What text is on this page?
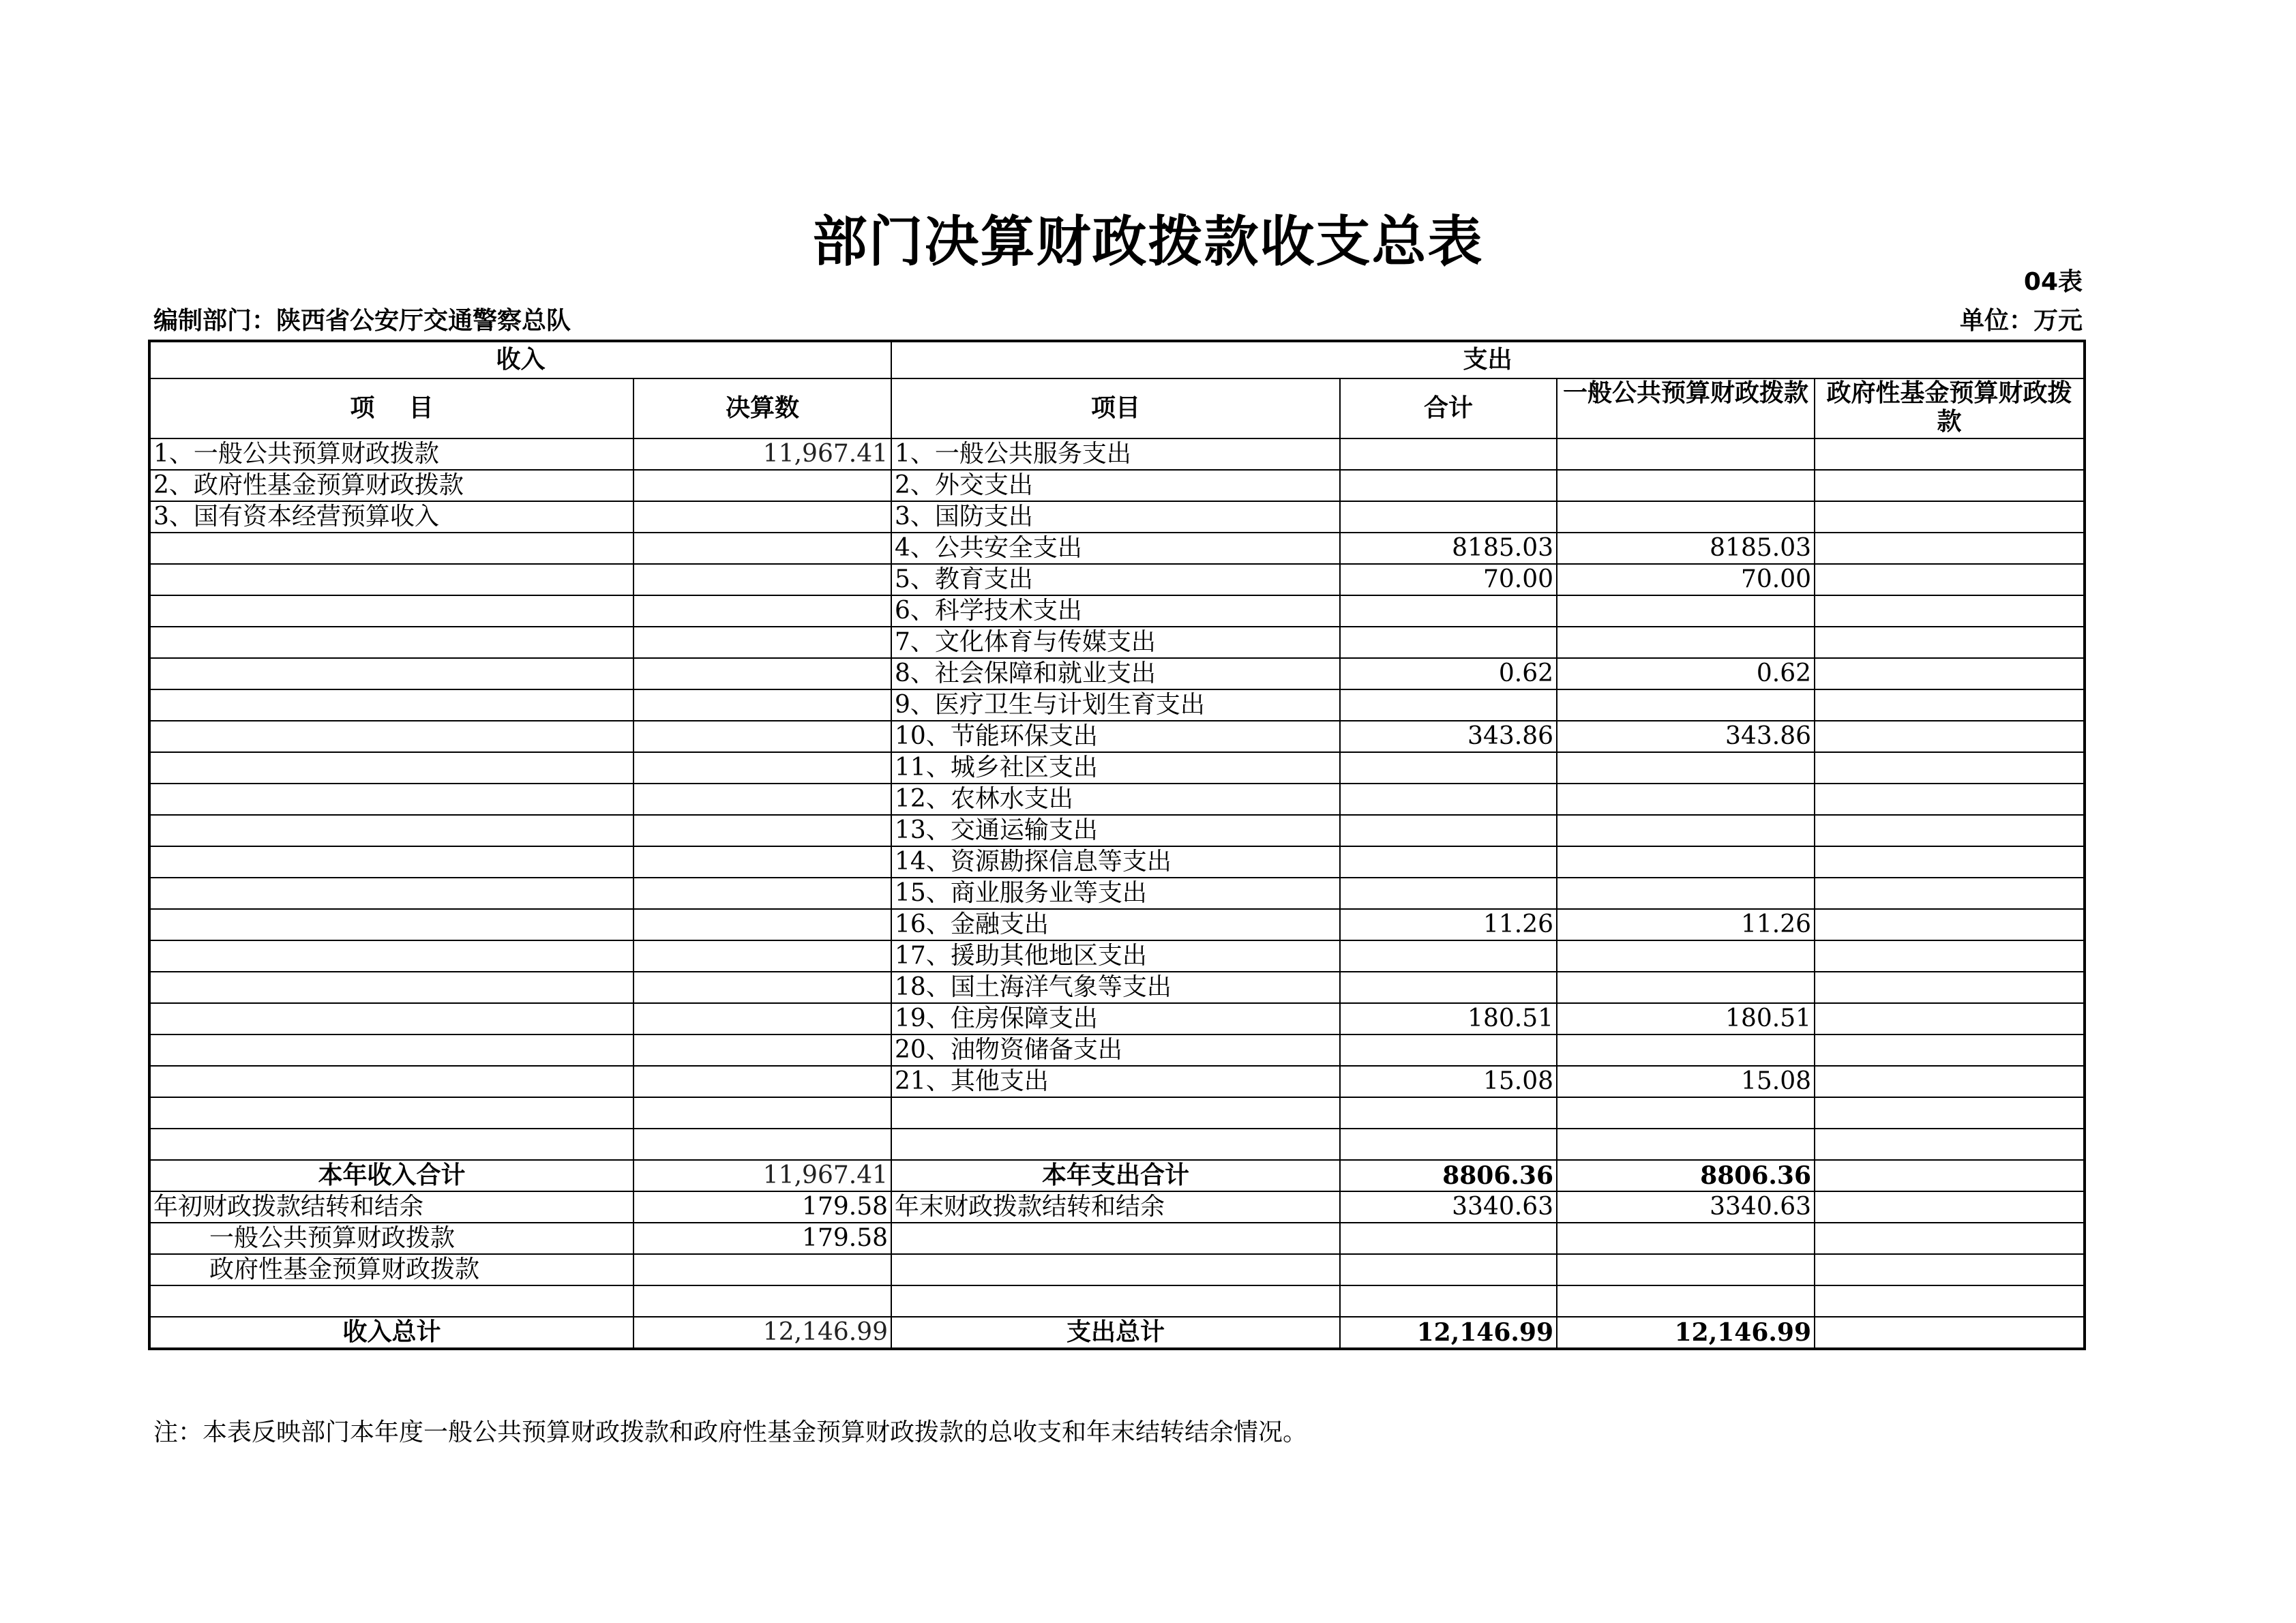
部门决算财政拨款收支总表
04表
编制部门：陕西省公安厅交通警察总队	单位：万元
收入		支出			
项    目	决算数	项目	合计	一般公共预算财政拨款	政府性基金预算财政拨款
1、一般公共预算财政拨款	11,967.41	1、一般公共服务支出			
2、政府性基金预算财政拨款		2、外交支出			
3、国有资本经营预算收入		3、国防支出			
		4、公共安全支出	8185.03	8185.03	
		5、教育支出	70.00	70.00	
		6、科学技术支出			
		7、文化体育与传媒支出			
		8、社会保障和就业支出	0.62	0.62	
		9、医疗卫生与计划生育支出			
		10、节能环保支出	343.86	343.86	
		11、城乡社区支出			
		12、农林水支出			
		13、交通运输支出			
		14、资源勘探信息等支出			
		15、商业服务业等支出			
		16、金融支出	11.26	11.26	
		17、援助其他地区支出			
		18、国土海洋气象等支出			
		19、住房保障支出	180.51	180.51	
		20、油物资储备支出			
		21、其他支出	15.08	15.08	

本年收入合计	11,967.41	本年支出合计	8806.36	8806.36	
年初财政拨款结转和结余	179.58	年末财政拨款结转和结余	3340.63	3340.63	
一般公共预算财政拨款	179.58				
政府性基金预算财政拨款					

收入总计	12,146.99	支出总计	12,146.99	12,146.99	
注：本表反映部门本年度一般公共预算财政拨款和政府性基金预算财政拨款的总收支和年末结转结余情况。
